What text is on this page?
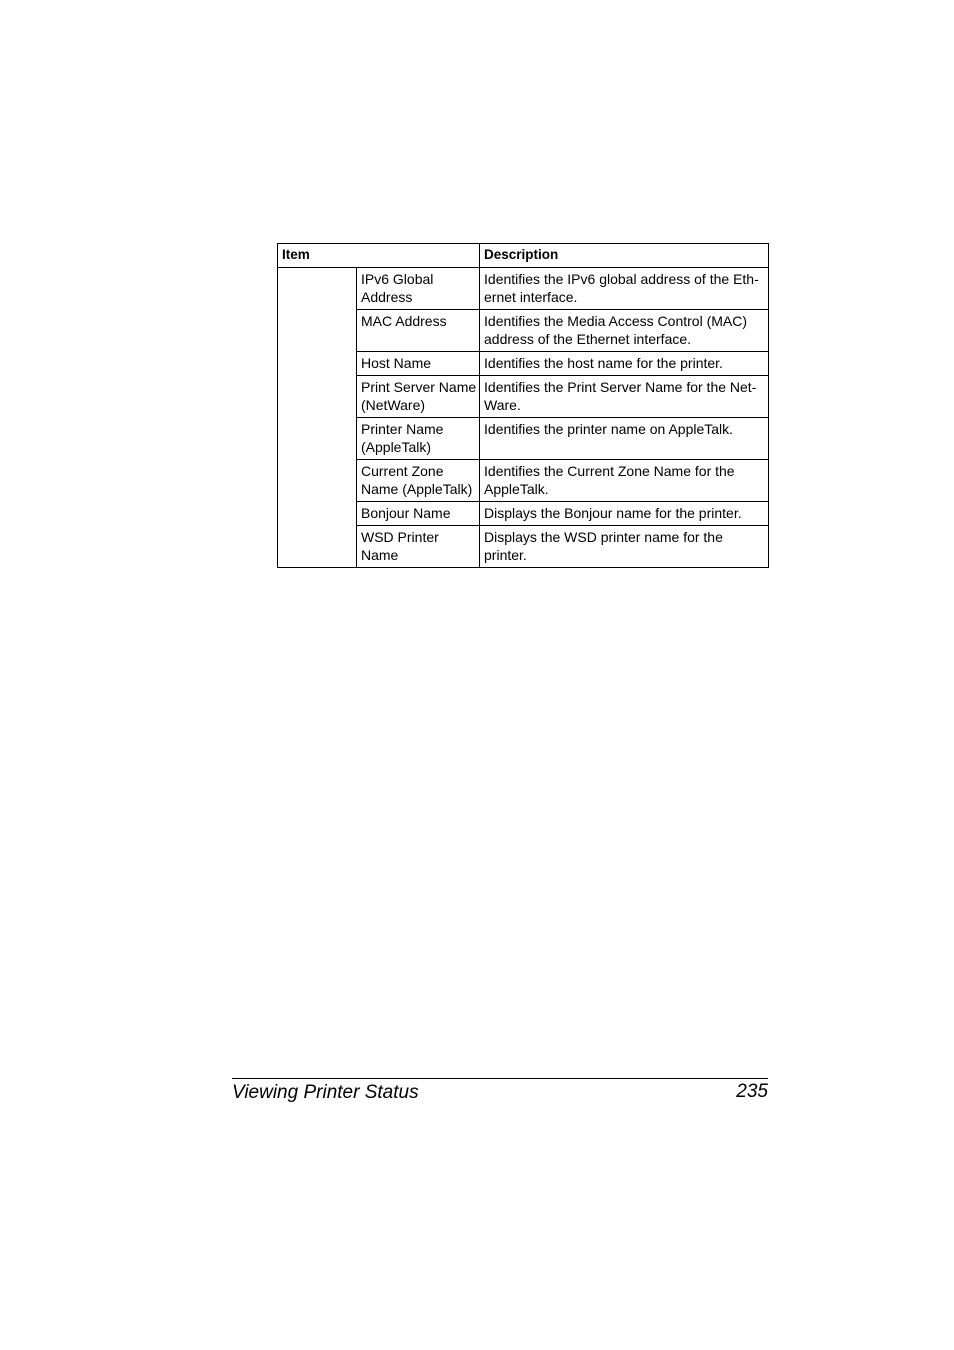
Item		Description
	IPv6 Global Address	Identifies the IPv6 global address of the Eth-ernet interface.
	MAC Address	Identifies the Media Access Control (MAC) address of the Ethernet interface.
	Host Name	Identifies the host name for the printer.
	Print Server Name (NetWare)	Identifies the Print Server Name for the Net-Ware.
	Printer Name (AppleTalk)	Identifies the printer name on AppleTalk.
	Current Zone Name (AppleTalk)	Identifies the Current Zone Name for the AppleTalk.
	Bonjour Name	Displays the Bonjour name for the printer.
	WSD Printer Name	Displays the WSD printer name for the printer.
Viewing Printer Status	235
